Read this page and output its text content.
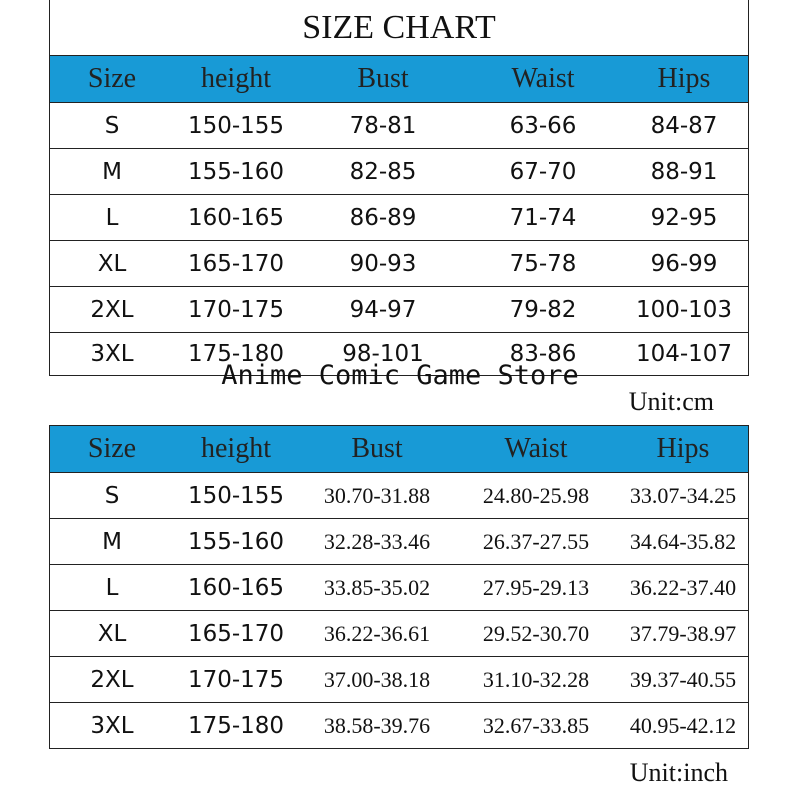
SIZE CHART
Size	height	Bust	Waist	Hips
S	150-155	78-81	63-66	84-87
M	155-160	82-85	67-70	88-91
L	160-165	86-89	71-74	92-95
XL	165-170	90-93	75-78	96-99
2XL	170-175	94-97	79-82	100-103
3XL	175-180	98-101	83-86	104-107
Anime Comic Game Store
Unit:cm
Size	height	Bust	Waist	Hips
S	150-155	30.70-31.88	24.80-25.98	33.07-34.25
M	155-160	32.28-33.46	26.37-27.55	34.64-35.82
L	160-165	33.85-35.02	27.95-29.13	36.22-37.40
XL	165-170	36.22-36.61	29.52-30.70	37.79-38.97
2XL	170-175	37.00-38.18	31.10-32.28	39.37-40.55
3XL	175-180	38.58-39.76	32.67-33.85	40.95-42.12
Unit:inch
